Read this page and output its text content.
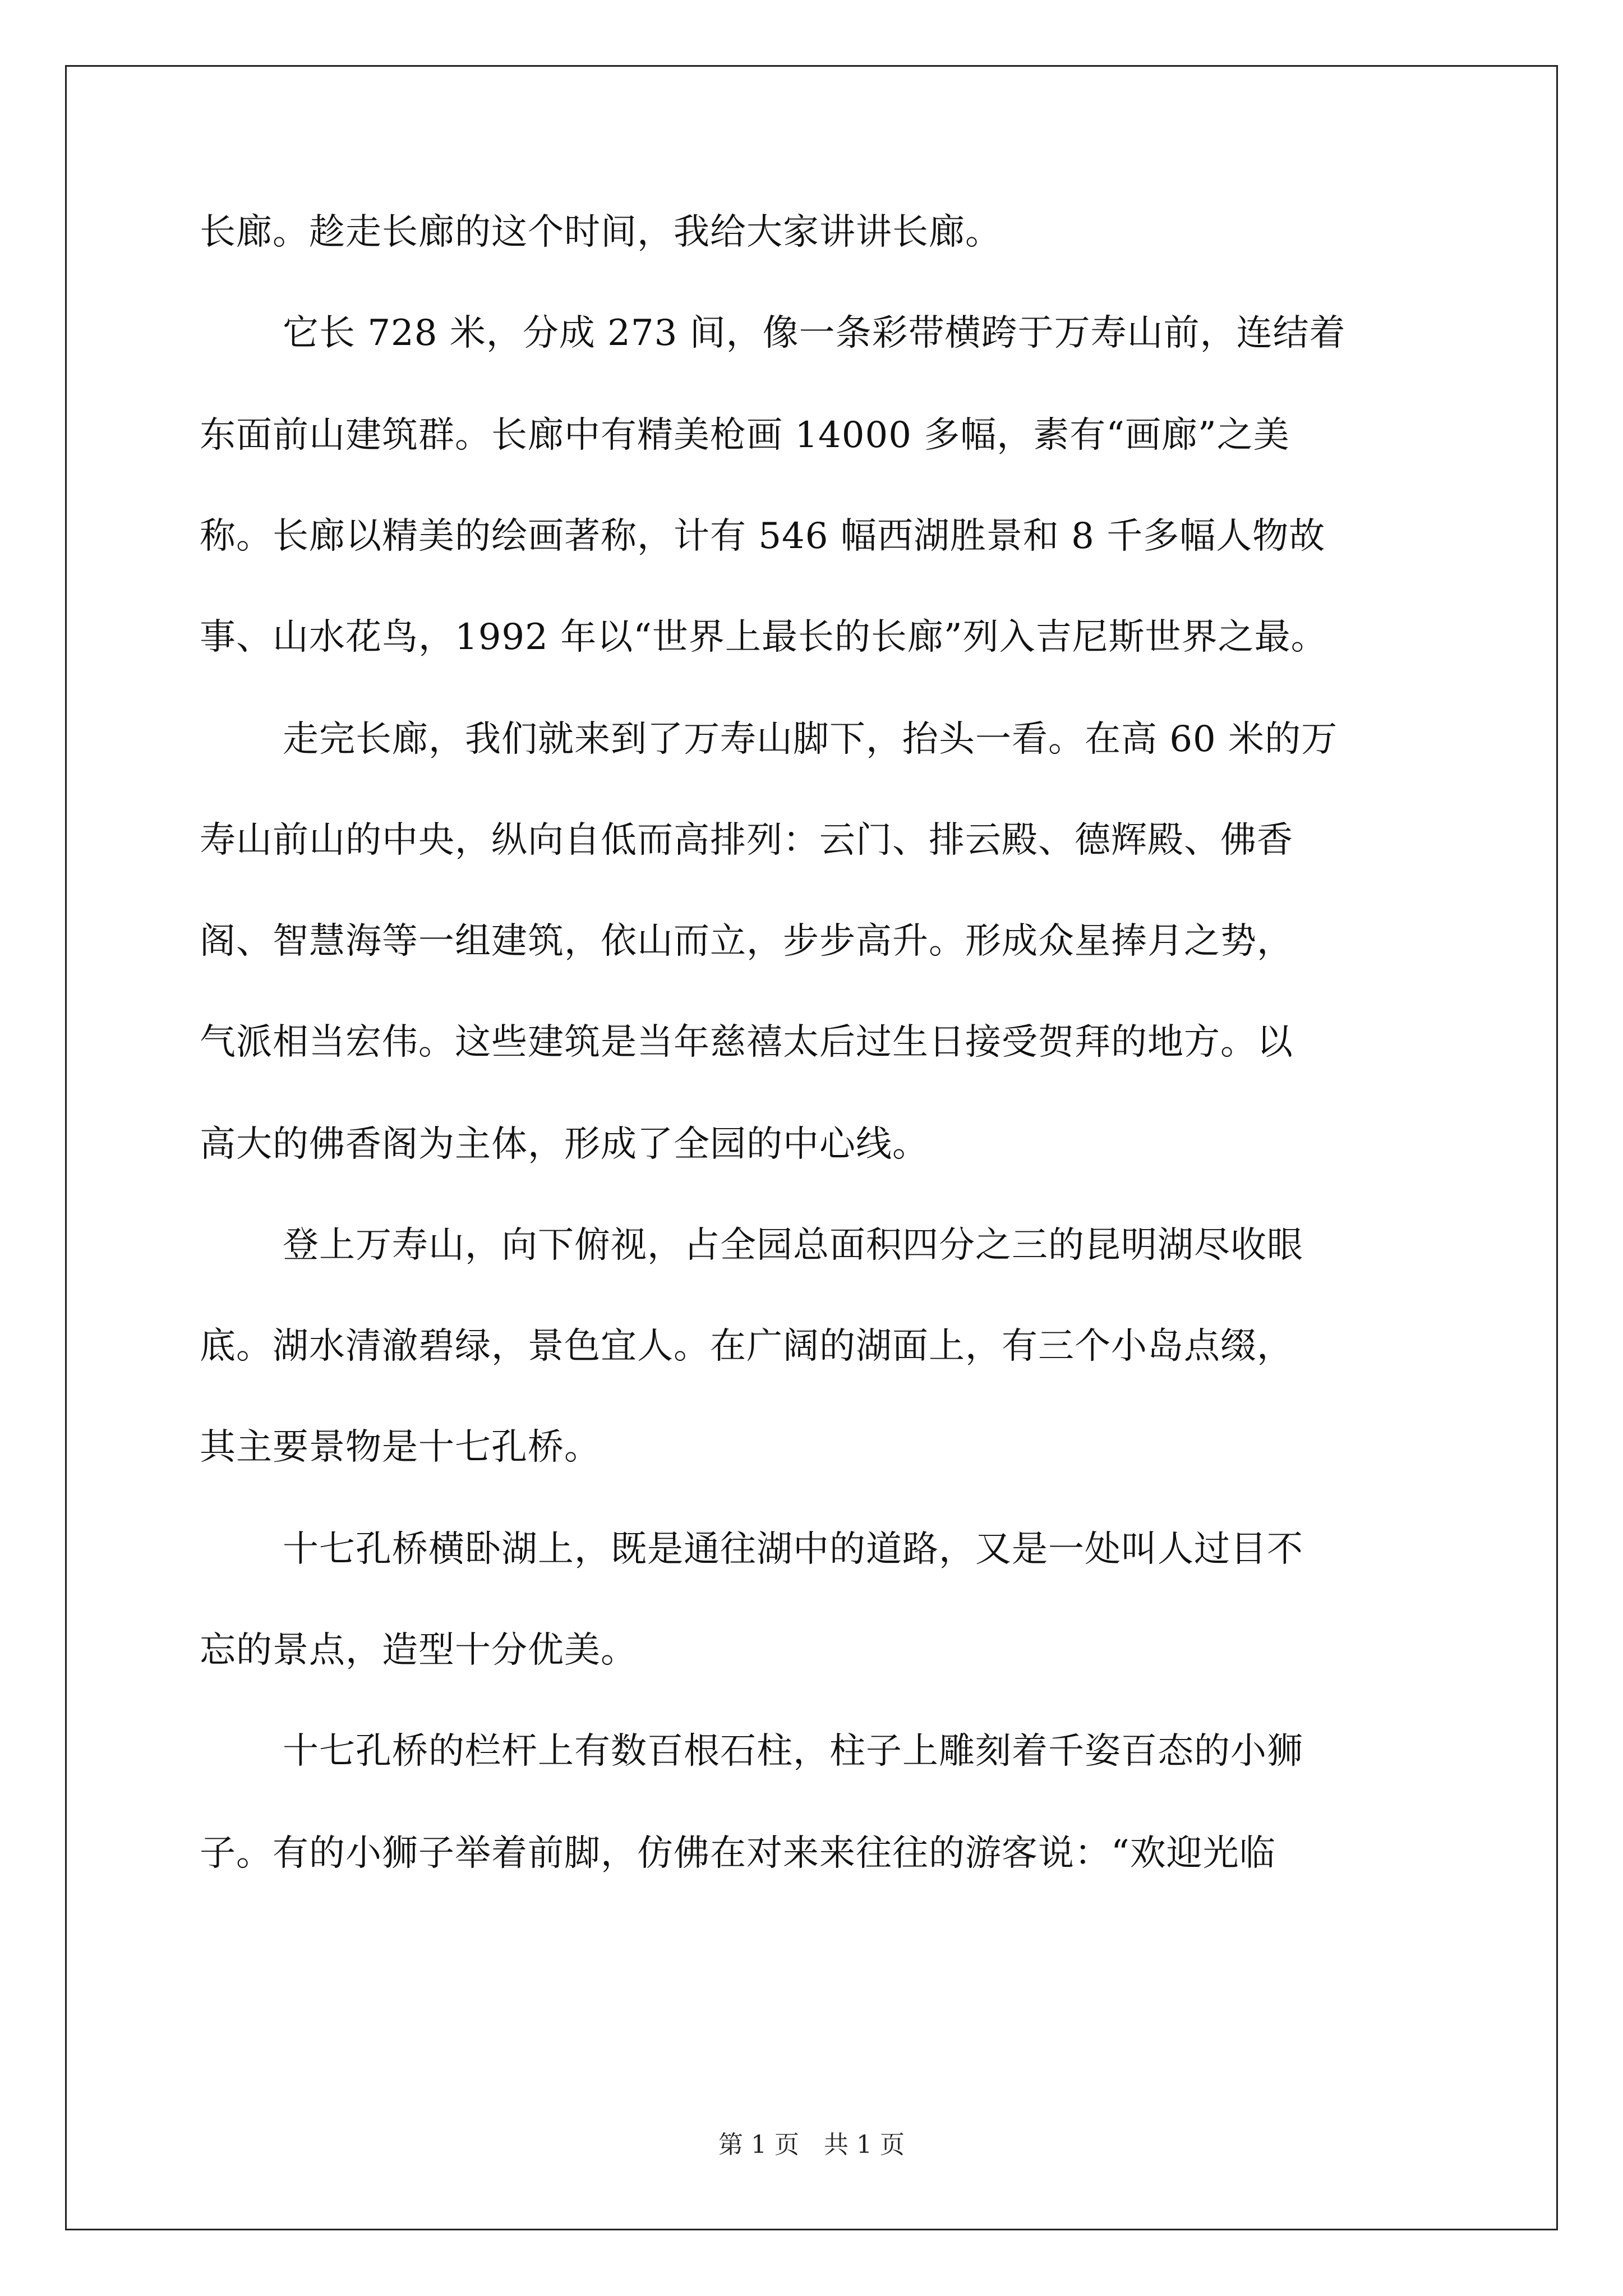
长廊。趁走长廊的这个时间，我给大家讲讲长廊。
它长 728 米，分成 273 间，像一条彩带横跨于万寿山前，连结着
东面前山建筑群。长廊中有精美枪画 14000 多幅，素有“画廊”之美
称。长廊以精美的绘画著称，计有 546 幅西湖胜景和 8 千多幅人物故
事、山水花鸟，1992 年以“世界上最长的长廊”列入吉尼斯世界之最。
走完长廊，我们就来到了万寿山脚下，抬头一看。在高 60 米的万
寿山前山的中央，纵向自低而高排列：云门、排云殿、德辉殿、佛香
阁、智慧海等一组建筑，依山而立，步步高升。形成众星捧月之势，
气派相当宏伟。这些建筑是当年慈禧太后过生日接受贺拜的地方。以
高大的佛香阁为主体，形成了全园的中心线。
登上万寿山，向下俯视，占全园总面积四分之三的昆明湖尽收眼
底。湖水清澈碧绿，景色宜人。在广阔的湖面上，有三个小岛点缀，
其主要景物是十七孔桥。
十七孔桥横卧湖上，既是通往湖中的道路，又是一处叫人过目不
忘的景点，造型十分优美。
十七孔桥的栏杆上有数百根石柱，柱子上雕刻着千姿百态的小狮
子。有的小狮子举着前脚，仿佛在对来来往往的游客说：“欢迎光临
第 1 页　共 1 页
